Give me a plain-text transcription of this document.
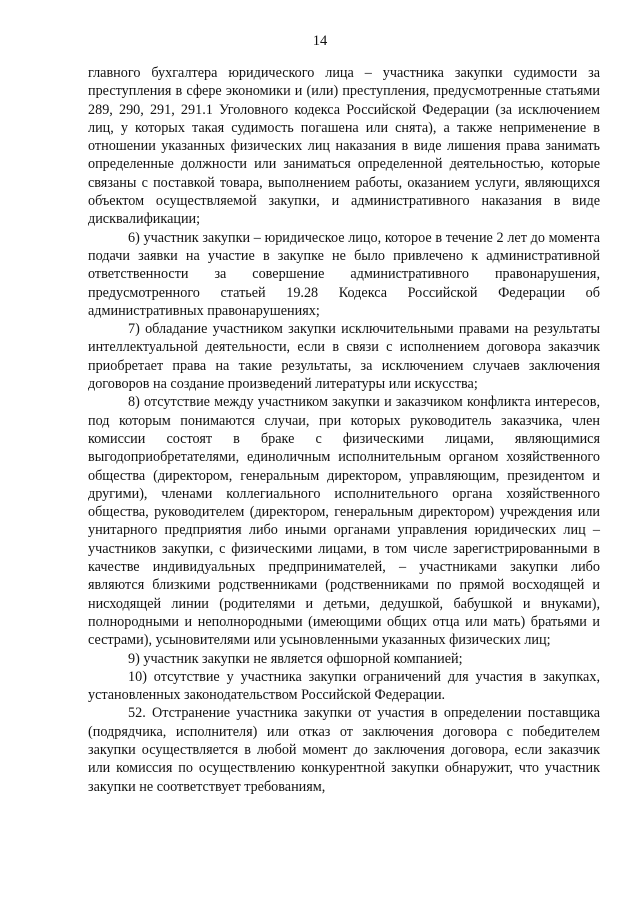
14

главного бухгалтера юридического лица – участника закупки судимости за преступления в сфере экономики и (или) преступления, предусмотренные статьями 289, 290, 291, 291.1 Уголовного кодекса Российской Федерации (за исключением лиц, у которых такая судимость погашена или снята), а также неприменение в отношении указанных физических лиц наказания в виде лишения права занимать определенные должности или заниматься определенной деятельностью, которые связаны с поставкой товара, выполнением работы, оказанием услуги, являющихся объектом осуществляемой закупки, и административного наказания в виде дисквалификации;

6) участник закупки – юридическое лицо, которое в течение 2 лет до момента подачи заявки на участие в закупке не было привлечено к административной ответственности за совершение административного правонарушения, предусмотренного статьей 19.28 Кодекса Российской Федерации об административных правонарушениях;

7) обладание участником закупки исключительными правами на результаты интеллектуальной деятельности, если в связи с исполнением договора заказчик приобретает права на такие результаты, за исключением случаев заключения договоров на создание произведений литературы или искусства;

8) отсутствие между участником закупки и заказчиком конфликта интересов, под которым понимаются случаи, при которых руководитель заказчика, член комиссии состоят в браке с физическими лицами, являющимися выгодоприобретателями, единоличным исполнительным органом хозяйственного общества (директором, генеральным директором, управляющим, президентом и другими), членами коллегиального исполнительного органа хозяйственного общества, руководителем (директором, генеральным директором) учреждения или унитарного предприятия либо иными органами управления юридических лиц – участников закупки, с физическими лицами, в том числе зарегистрированными в качестве индивидуальных предпринимателей, – участниками закупки либо являются близкими родственниками (родственниками по прямой восходящей и нисходящей линии (родителями и детьми, дедушкой, бабушкой и внуками), полнородными и неполнородными (имеющими общих отца или мать) братьями и сестрами), усыновителями или усыновленными указанных физических лиц;

9) участник закупки не является офшорной компанией;

10) отсутствие у участника закупки ограничений для участия в закупках, установленных законодательством Российской Федерации.

52. Отстранение участника закупки от участия в определении поставщика (подрядчика, исполнителя) или отказ от заключения договора с победителем закупки осуществляется в любой момент до заключения договора, если заказчик или комиссия по осуществлению конкурентной закупки обнаружит, что участник закупки не соответствует требованиям,
